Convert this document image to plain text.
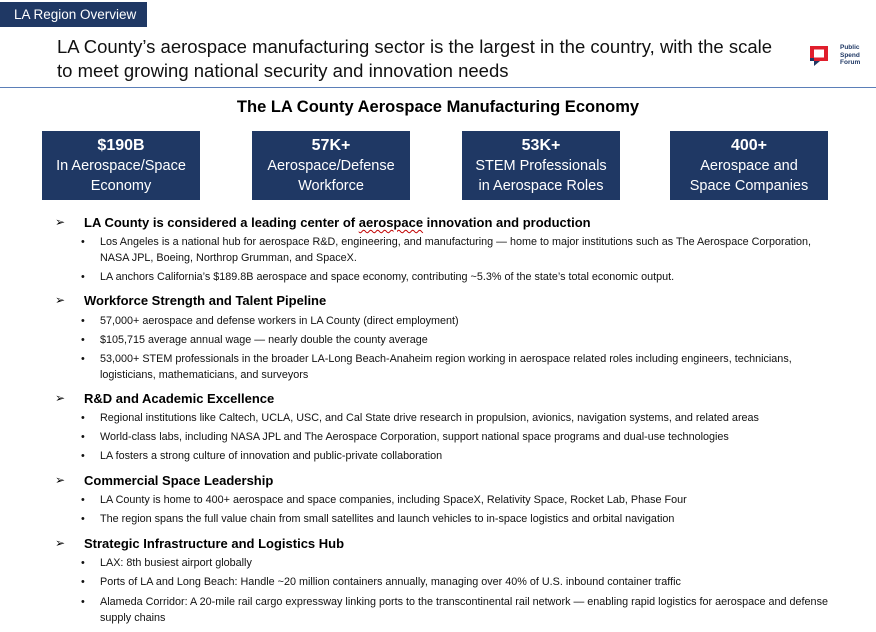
LA Region Overview
LA County’s aerospace manufacturing sector is the largest in the country, with the scale to meet growing national security and innovation needs
Public
Spend
Forum
The LA County Aerospace Manufacturing Economy
$190B
In Aerospace/Space
Economy
57K+
Aerospace/Defense
Workforce
53K+
STEM Professionals
in Aerospace Roles
400+
Aerospace and
Space Companies
➢ LA County is considered a leading center of aerospace innovation and production
•	Los Angeles is a national hub for aerospace R&D, engineering, and manufacturing — home to major institutions such as The Aerospace Corporation, NASA JPL, Boeing, Northrop Grumman, and SpaceX.
•	LA anchors California’s $189.8B aerospace and space economy, contributing ~5.3% of the state’s total economic output.
➢ Workforce Strength and Talent Pipeline
•	57,000+ aerospace and defense workers in LA County (direct employment)
•	$105,715 average annual wage — nearly double the county average
•	53,000+ STEM professionals in the broader LA-Long Beach-Anaheim region working in aerospace related roles including engineers, technicians, logisticians, mathematicians, and surveyors
➢ R&D and Academic Excellence
•	Regional institutions like Caltech, UCLA, USC, and Cal State drive research in propulsion, avionics, navigation systems, and related areas
•	World-class labs, including NASA JPL and The Aerospace Corporation, support national space programs and dual-use technologies
•	LA fosters a strong culture of innovation and public-private collaboration
➢ Commercial Space Leadership
•	LA County is home to 400+ aerospace and space companies, including SpaceX, Relativity Space, Rocket Lab, Phase Four
•	The region spans the full value chain from small satellites and launch vehicles to in-space logistics and orbital navigation
➢ Strategic Infrastructure and Logistics Hub
•	LAX: 8th busiest airport globally
•	Ports of LA and Long Beach: Handle ~20 million containers annually, managing over 40% of U.S. inbound container traffic
•	Alameda Corridor: A 20-mile rail cargo expressway linking ports to the transcontinental rail network — enabling rapid logistics for aerospace and defense supply chains
